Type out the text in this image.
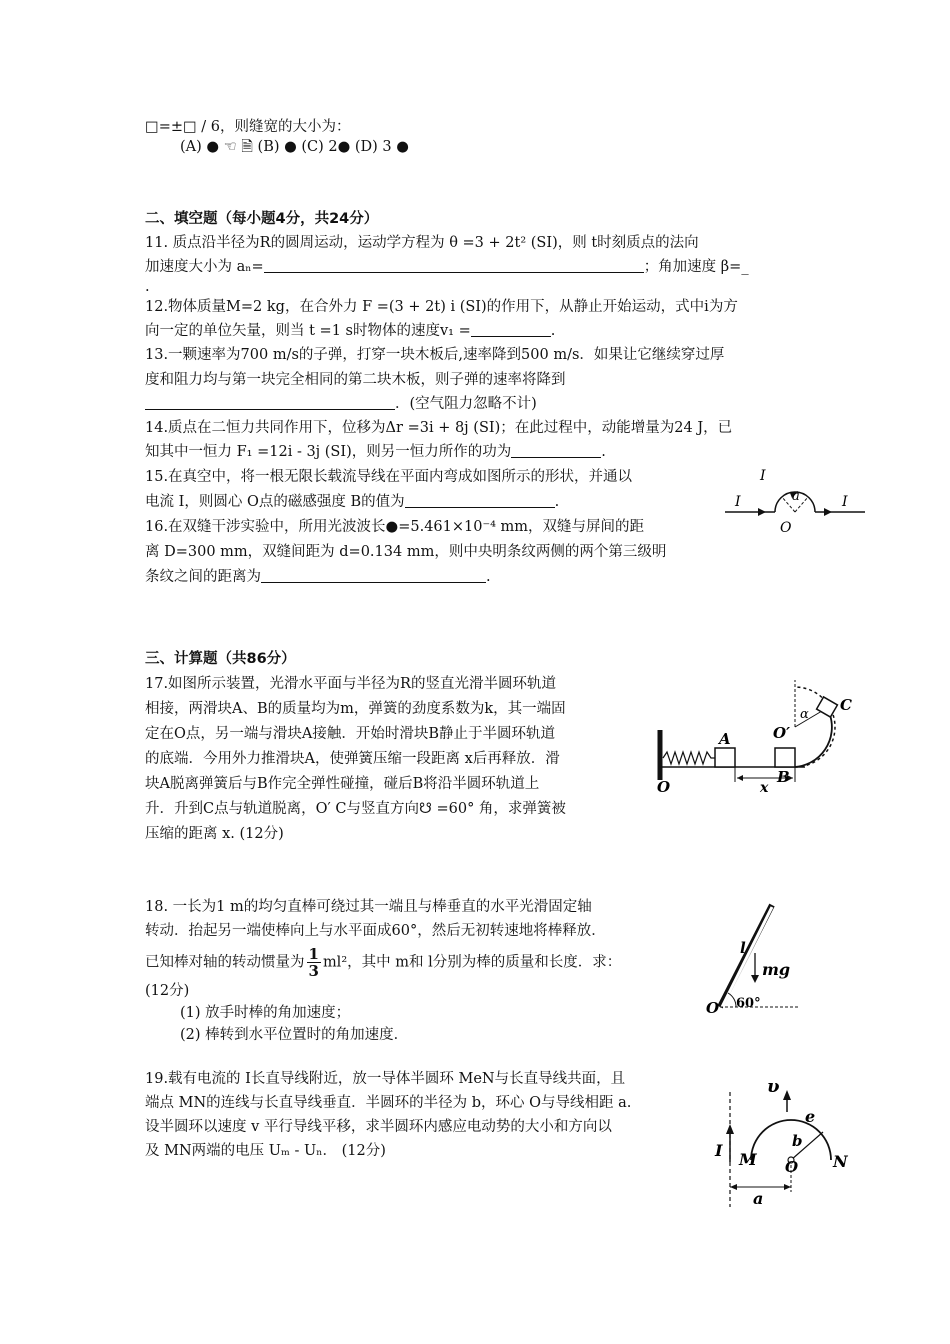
□=±□ / 6，则缝宽的大小为：
(A) ● ☜ 🗎 (B) ● (C) 2● (D) 3 ●
二、填空题（每小题4分，共24分）
11. 质点沿半径为R的圆周运动，运动学方程为 θ =3 + 2t² (SI)，则 t时刻质点的法向
加速度大小为 aₙ=	；角加速度 β=_
.
12.物体质量M=2 kg，在合外力 F =(3 + 2t) i (SI)的作用下，从静止开始运动，式中i为方
向一定的单位矢量，则当 t =1 s时物体的速度v₁ =	.
13.一颗速率为700 m/s的子弹，打穿一块木板后,速率降到500 m/s．如果让它继续穿过厚
度和阻力均与第一块完全相同的第二块木板，则子弹的速率将降到
．(空气阻力忽略不计)
14.质点在二恒力共同作用下，位移为Δr =3i + 8j (SI)；在此过程中，动能增量为24 J，已
知其中一恒力 F₁ =12i - 3j (SI)，则另一恒力所作的功为	.
15.在真空中，将一根无限长载流导线在平面内弯成如图所示的形状，并通以
电流 I，则圆心 O点的磁感强度 B的值为	.
16.在双缝干涉实验中，所用光波波长●=5.461×10⁻⁴ mm，双缝与屏间的距
离 D=300 mm，双缝间距为 d=0.134 mm，则中央明条纹两侧的两个第三级明
条纹之间的距离为	.
I
I	I
a
O
三、计算题（共86分）
17.如图所示装置，光滑水平面与半径为R的竖直光滑半圆环轨道
相接，两滑块A、B的质量均为m，弹簧的劲度系数为k，其一端固
定在O点，另一端与滑块A接触．开始时滑块B静止于半圆环轨道
的底端．今用外力推滑块A，使弹簧压缩一段距离 x后再释放．滑
块A脱离弹簧后与B作完全弹性碰撞，碰后B将沿半圆环轨道上
升．升到C点与轨道脱离，O′ C与竖直方向☋ =60° 角，求弹簧被
压缩的距离 x. (12分)
O
A
B
C
O′
α
x
18. 一长为1 m的均匀直棒可绕过其一端且与棒垂直的水平光滑固定轴
转动．抬起另一端使棒向上与水平面成60°，然后无初转速地将棒释放．
已知棒对轴的转动惯量为 $\frac{1}{3} ml^2$，其中 m和 l分别为棒的质量和长度．求：
(12分)
(1) 放手时棒的角加速度；
(2) 棒转到水平位置时的角加速度．
l
mg
O 60°
19.载有电流的 I长直导线附近，放一导体半圆环 MeN与长直导线共面，且
端点 MN的连线与长直导线垂直．半圆环的半径为 b，环心 O与导线相距 a.
设半圆环以速度 v 平行导线平移，求半圆环内感应电动势的大小和方向以
及 MN两端的电压 Uₘ - Uₙ． (12分)
υ
e
b
I M O N
a
